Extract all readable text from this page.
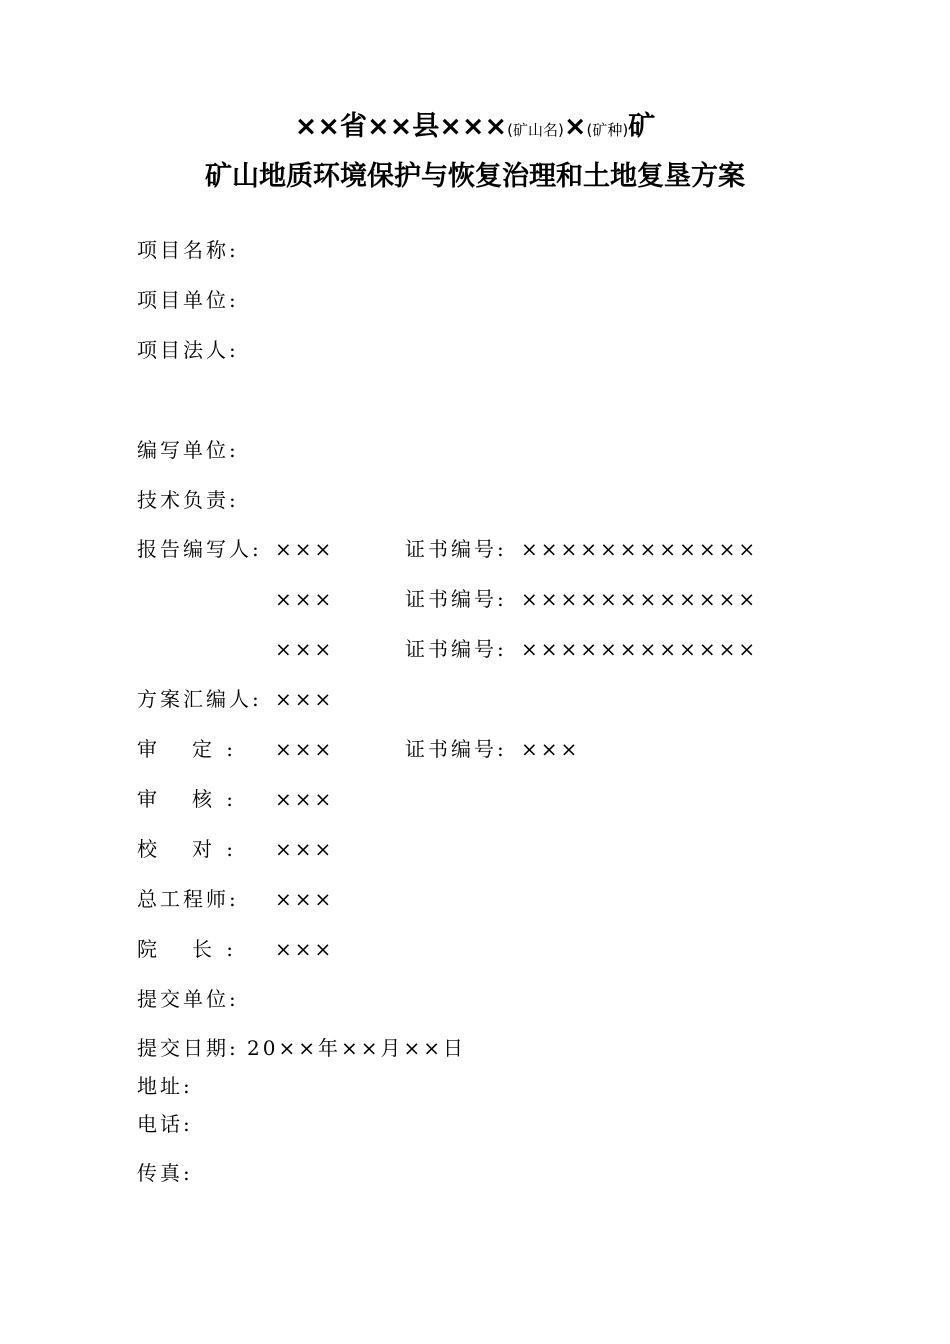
××省××县×××(矿山名)×(矿种)矿
矿山地质环境保护与恢复治理和土地复垦方案
项目名称:
项目单位:
项目法人:
编写单位:
技术负责:
报告编写人: ×××	证书编号: ××××××××××××
×××	证书编号: ××××××××××××
×××	证书编号: ××××××××××××
方案汇编人: ×××
审 定: ×××	证书编号: ×××
审 核: ×××
校 对: ×××
总工程师: ×××
院 长: ×××
提交单位:
提交日期: 20××年××月××日
地址:
电话:
传真:
